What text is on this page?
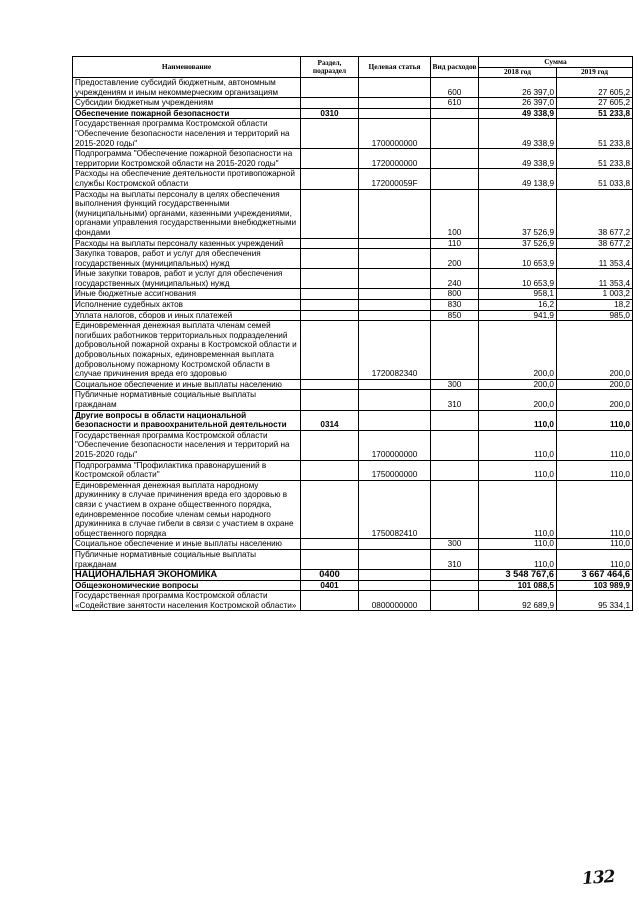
Наименование	Раздел, подраздел	Целевая статья	Вид расходов	Сумма	
				2018 год	2019 год
Предоставление субсидий бюджетным, автономным учреждениям и иным некоммерческим организациям			600	26 397,0	27 605,2
Субсидии бюджетным учреждениям			610	26 397,0	27 605,2
Обеспечение пожарной безопасности	0310			49 338,9	51 233,8
Государственная программа Костромской области "Обеспечение безопасности населения и территорий на 2015-2020 годы"		1700000000		49 338,9	51 233,8
Подпрограмма "Обеспечение пожарной безопасности на территории Костромской области на 2015-2020 годы"		1720000000		49 338,9	51 233,8
Расходы на обеспечение деятельности противопожарной службы Костромской области		172000059F		49 138,9	51 033,8
Расходы на выплаты персоналу в целях обеспечения выполнения функций государственными (муниципальными) органами, казенными учреждениями, органами управления государственными внебюджетными фондами			100	37 526,9	38 677,2
Расходы на выплаты персоналу казенных учреждений			110	37 526,9	38 677,2
Закупка товаров, работ и услуг для обеспечения государственных (муниципальных) нужд			200	10 653,9	11 353,4
Иные закупки товаров, работ и услуг для обеспечения государственных (муниципальных) нужд			240	10 653,9	11 353,4
Иные бюджетные ассигнования			800	958,1	1 003,2
Исполнение судебных актов			830	16,2	18,2
Уплата налогов, сборов и иных платежей			850	941,9	985,0
Единовременная денежная выплата членам семей погибших работников территориальных подразделений добровольной пожарной охраны в Костромской области и добровольных пожарных, единовременная выплата добровольному пожарному Костромской области в случае причинения вреда его здоровью		1720082340		200,0	200,0
Социальное обеспечение и иные выплаты населению			300	200,0	200,0
Публичные нормативные социальные выплаты гражданам			310	200,0	200,0
Другие вопросы в области национальной безопасности и правоохранительной деятельности	0314			110,0	110,0
Государственная программа Костромской области "Обеспечение безопасности населения и территорий на 2015-2020 годы"		1700000000		110,0	110,0
Подпрограмма "Профилактика правонарушений в Костромской области"		1750000000		110,0	110,0
Единовременная денежная выплата народному дружиннику в случае причинения вреда его здоровью в связи с участием в охране общественного порядка, единовременное пособие членам семьи народного дружинника в случае гибели в связи с участием в охране общественного порядка		1750082410		110,0	110,0
Социальное обеспечение и иные выплаты населению			300	110,0	110,0
Публичные нормативные социальные выплаты гражданам			310	110,0	110,0
НАЦИОНАЛЬНАЯ ЭКОНОМИКА	0400			3 548 767,6	3 667 464,6
Общеэкономические вопросы	0401			101 088,5	103 989,9
Государственная программа Костромской области «Содействие занятости населения Костромской области»		0800000000		92 689,9	95 334,1
132
